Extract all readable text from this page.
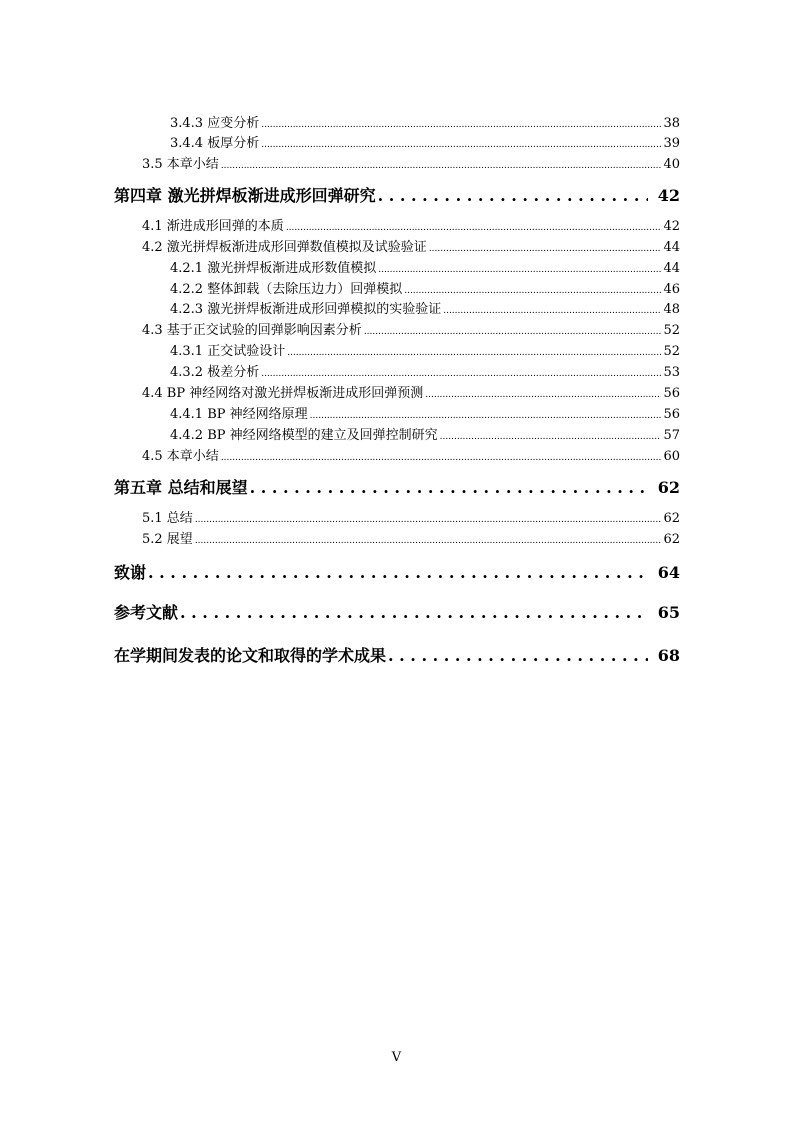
3.4.3 应变分析 .....	38
3.4.4 板厚分析 .....	39
3.5 本章小结 .....	40
第四章 激光拼焊板渐进成形回弹研究 . . .	42
4.1 渐进成形回弹的本质 .....	42
4.2 激光拼焊板渐进成形回弹数值模拟及试验验证 .....	44
4.2.1 激光拼焊板渐进成形数值模拟 .....	44
4.2.2 整体卸载（去除压边力）回弹模拟 .....	46
4.2.3 激光拼焊板渐进成形回弹模拟的实验验证 .....	48
4.3 基于正交试验的回弹影响因素分析 .....	52
4.3.1 正交试验设计 .....	52
4.3.2 极差分析 .....	53
4.4 BP 神经网络对激光拼焊板渐进成形回弹预测 .....	56
4.4.1 BP 神经网络原理 .....	56
4.4.2 BP 神经网络模型的建立及回弹控制研究 .....	57
4.5 本章小结 .....	60
第五章 总结和展望 . . .	62
5.1 总结 .....	62
5.2 展望 .....	62
致谢 . . .	64
参考文献 . . .	65
在学期间发表的论文和取得的学术成果 . . .	68
V
